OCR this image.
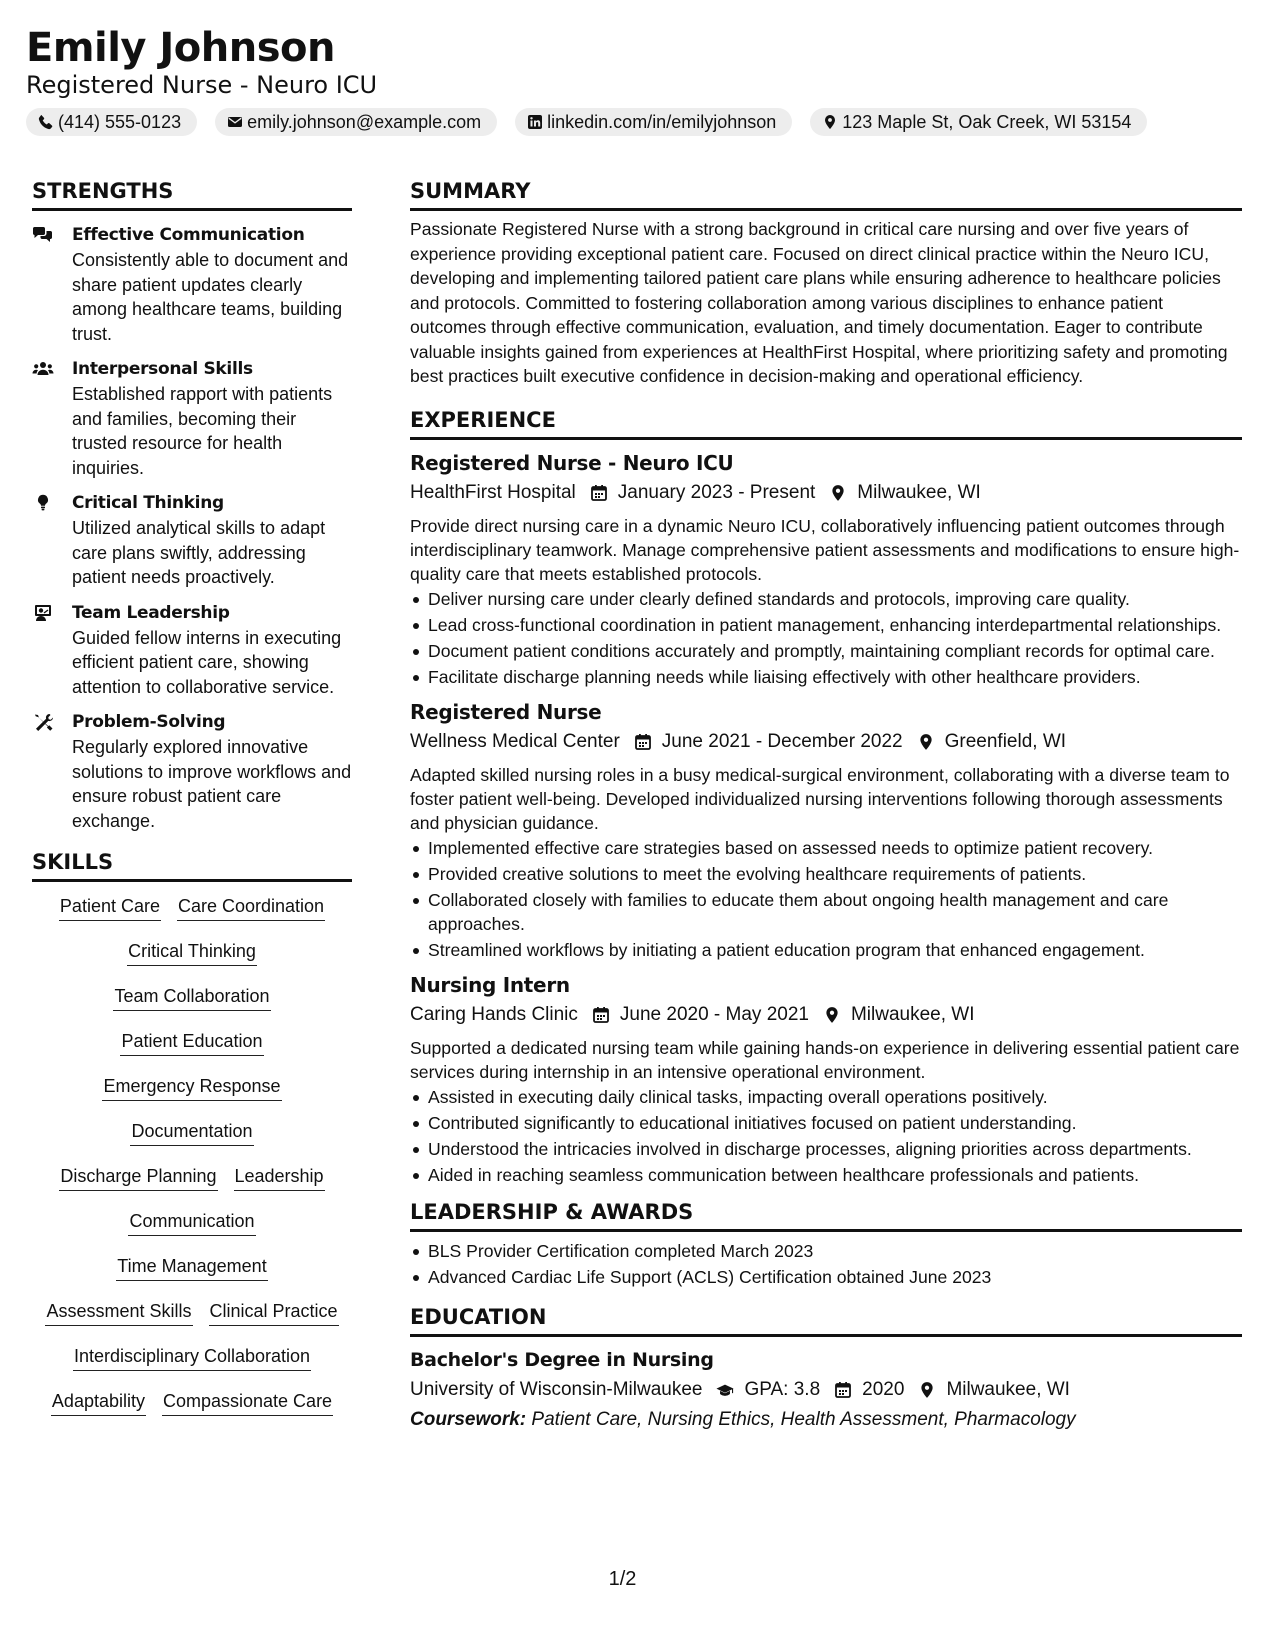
Emily Johnson
Registered Nurse - Neuro ICU
(414) 555-0123	emily.johnson@example.com	linkedin.com/in/emilyjohnson	123 Maple St, Oak Creek, WI 53154
STRENGTHS
Effective Communication
Consistently able to document and share patient updates clearly among healthcare teams, building trust.
Interpersonal Skills
Established rapport with patients and families, becoming their trusted resource for health inquiries.
Critical Thinking
Utilized analytical skills to adapt care plans swiftly, addressing patient needs proactively.
Team Leadership
Guided fellow interns in executing efficient patient care, showing attention to collaborative service.
Problem-Solving
Regularly explored innovative solutions to improve workflows and ensure robust patient care exchange.
SKILLS
Patient Care Care Coordination
Critical Thinking
Team Collaboration
Patient Education
Emergency Response
Documentation
Discharge Planning Leadership
Communication
Time Management
Assessment Skills Clinical Practice
Interdisciplinary Collaboration
Adaptability Compassionate Care
SUMMARY
Passionate Registered Nurse with a strong background in critical care nursing and over five years of experience providing exceptional patient care. Focused on direct clinical practice within the Neuro ICU, developing and implementing tailored patient care plans while ensuring adherence to healthcare policies and protocols. Committed to fostering collaboration among various disciplines to enhance patient outcomes through effective communication, evaluation, and timely documentation. Eager to contribute valuable insights gained from experiences at HealthFirst Hospital, where prioritizing safety and promoting best practices built executive confidence in decision-making and operational efficiency.
EXPERIENCE
Registered Nurse - Neuro ICU
HealthFirst Hospital January 2023 - Present Milwaukee, WI
Provide direct nursing care in a dynamic Neuro ICU, collaboratively influencing patient outcomes through interdisciplinary teamwork. Manage comprehensive patient assessments and modifications to ensure high-quality care that meets established protocols.
Deliver nursing care under clearly defined standards and protocols, improving care quality.
Lead cross-functional coordination in patient management, enhancing interdepartmental relationships.
Document patient conditions accurately and promptly, maintaining compliant records for optimal care.
Facilitate discharge planning needs while liaising effectively with other healthcare providers.
Registered Nurse
Wellness Medical Center June 2021 - December 2022 Greenfield, WI
Adapted skilled nursing roles in a busy medical-surgical environment, collaborating with a diverse team to foster patient well-being. Developed individualized nursing interventions following thorough assessments and physician guidance.
Implemented effective care strategies based on assessed needs to optimize patient recovery.
Provided creative solutions to meet the evolving healthcare requirements of patients.
Collaborated closely with families to educate them about ongoing health management and care approaches.
Streamlined workflows by initiating a patient education program that enhanced engagement.
Nursing Intern
Caring Hands Clinic June 2020 - May 2021 Milwaukee, WI
Supported a dedicated nursing team while gaining hands-on experience in delivering essential patient care services during internship in an intensive operational environment.
Assisted in executing daily clinical tasks, impacting overall operations positively.
Contributed significantly to educational initiatives focused on patient understanding.
Understood the intricacies involved in discharge processes, aligning priorities across departments.
Aided in reaching seamless communication between healthcare professionals and patients.
LEADERSHIP & AWARDS
BLS Provider Certification completed March 2023
Advanced Cardiac Life Support (ACLS) Certification obtained June 2023
EDUCATION
Bachelor's Degree in Nursing
University of Wisconsin-Milwaukee GPA: 3.8 2020 Milwaukee, WI
Coursework: Patient Care, Nursing Ethics, Health Assessment, Pharmacology
1/2
